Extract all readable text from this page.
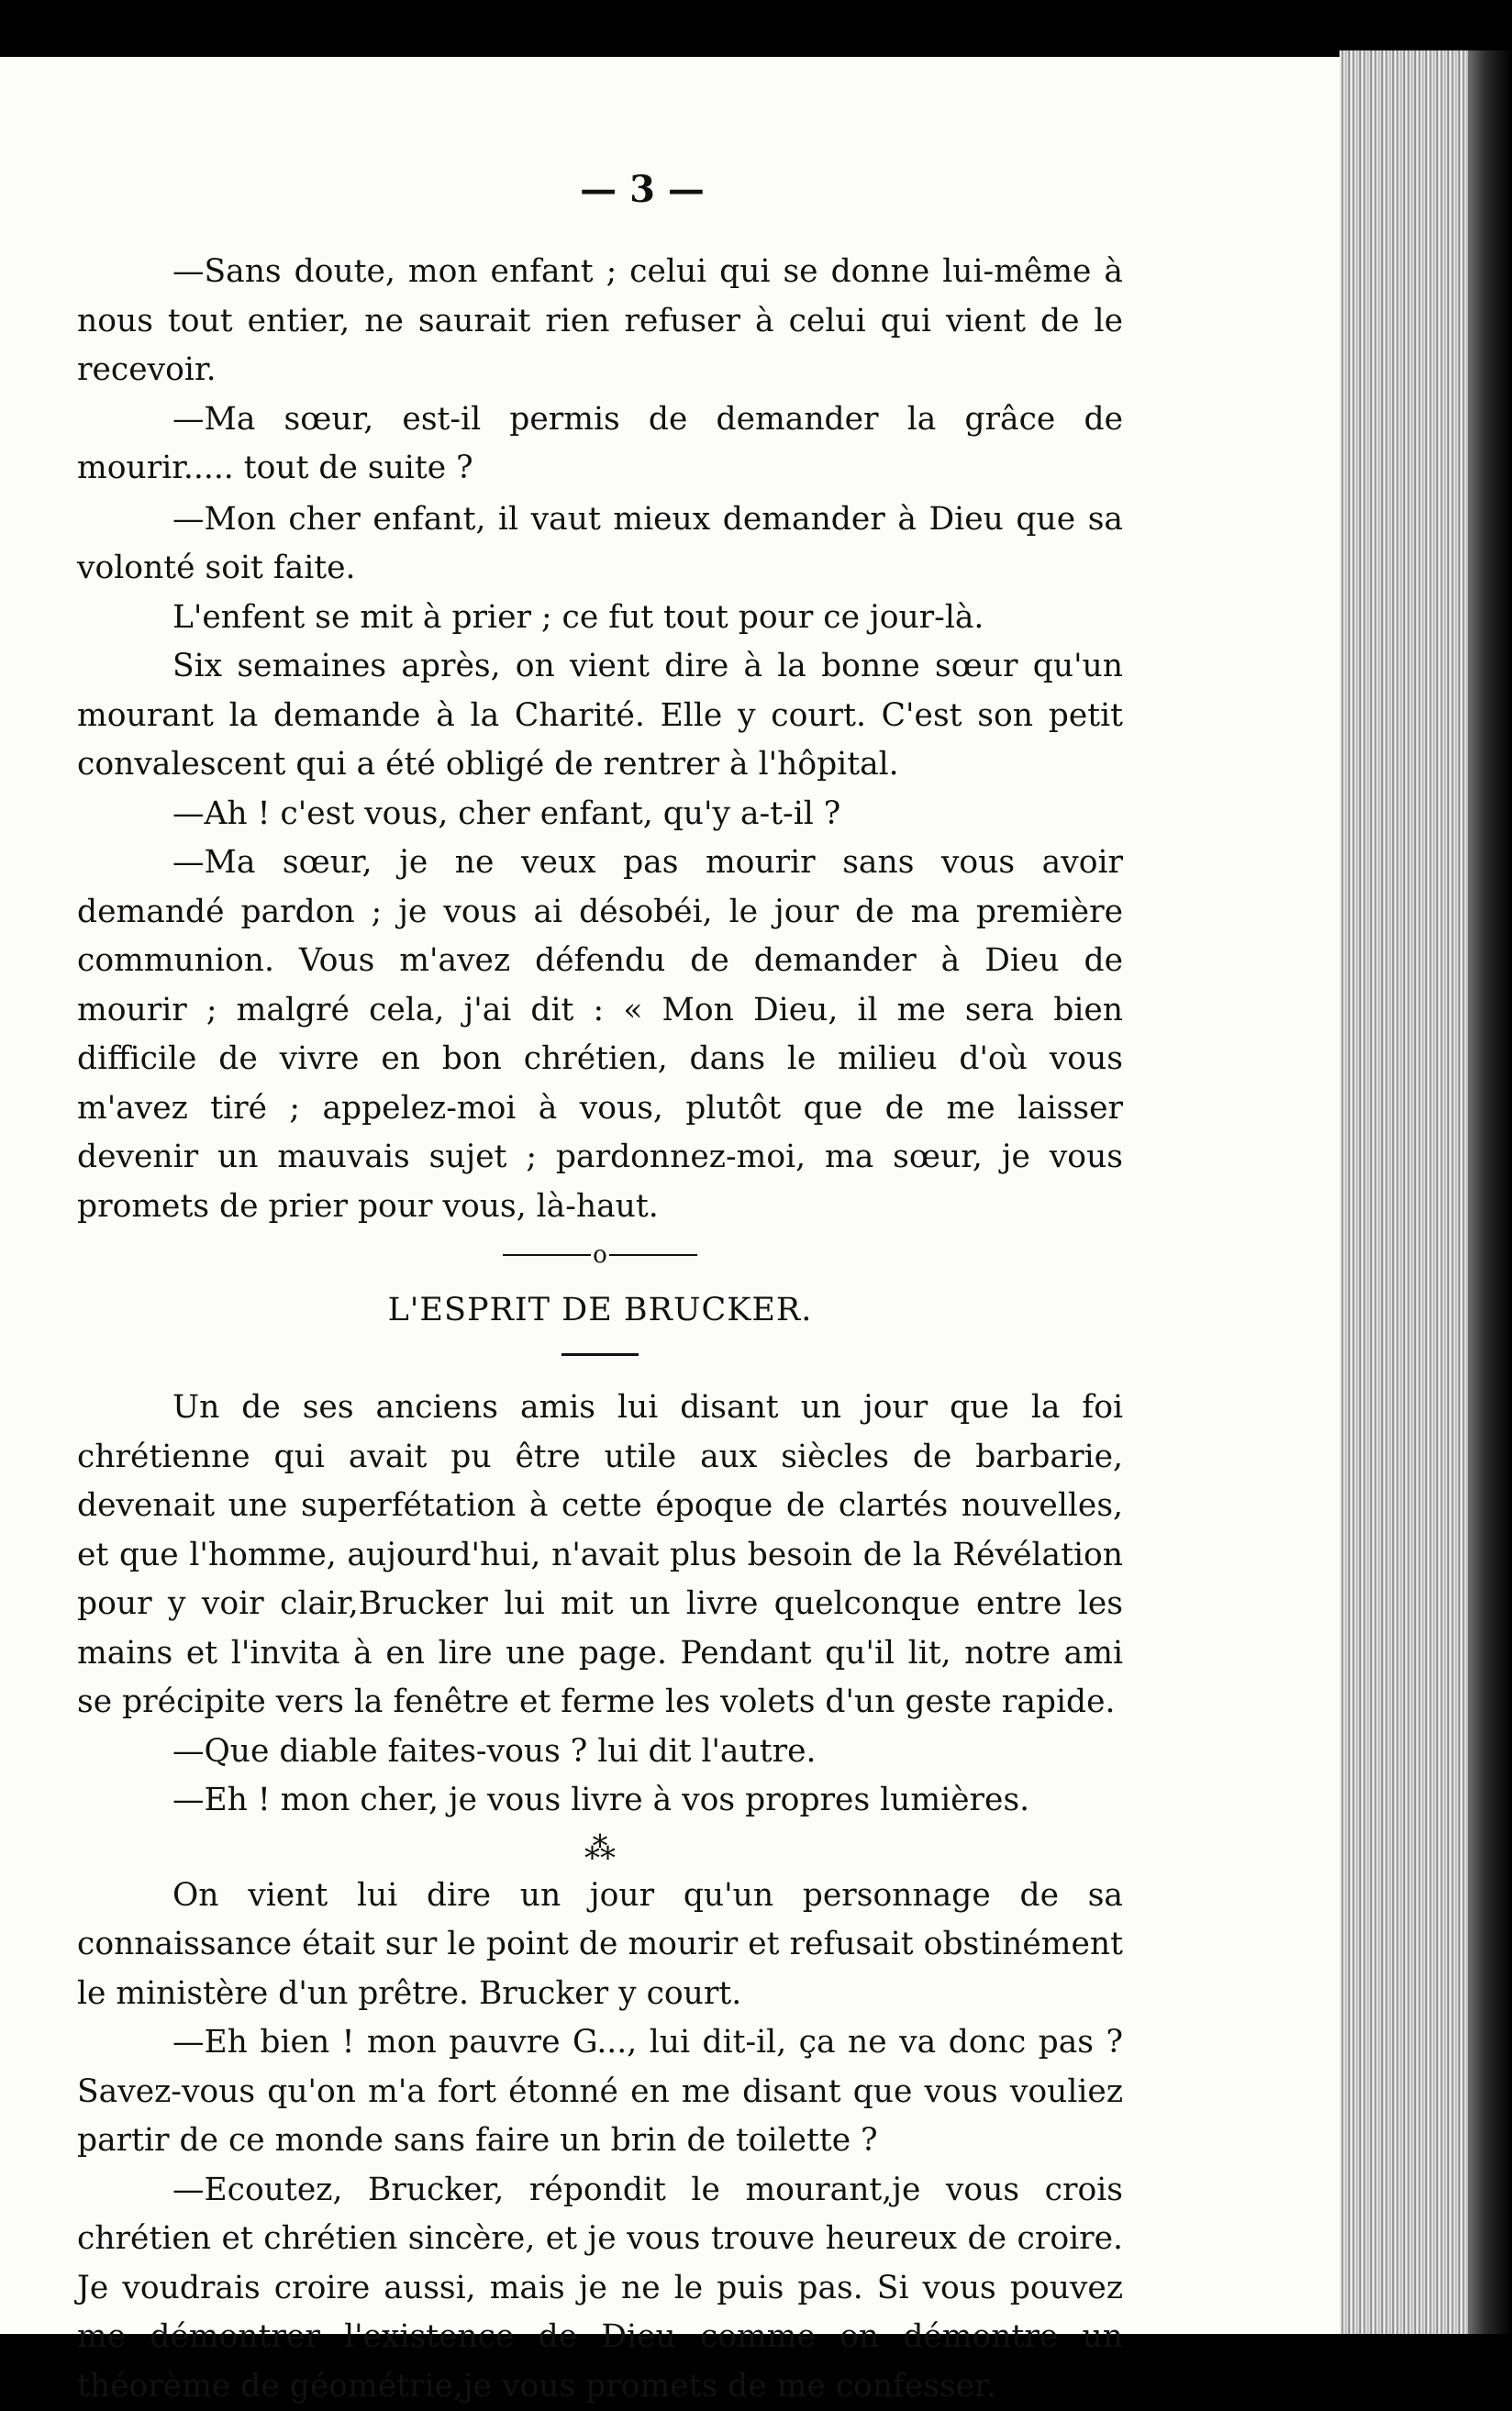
— 3 —

—Sans doute, mon enfant ; celui qui se donne lui-même à nous tout entier, ne saurait rien refuser à celui qui vient de le recevoir.

—Ma sœur, est-il permis de demander la grâce de mourir..... tout de suite ?

—Mon cher enfant, il vaut mieux demander à Dieu que sa volonté soit faite.

L'enfent se mit à prier ; ce fut tout pour ce jour-là.

Six semaines après, on vient dire à la bonne sœur qu'un mourant la demande à la Charité. Elle y court. C'est son petit convalescent qui a été obligé de rentrer à l'hôpital.

—Ah ! c'est vous, cher enfant, qu'y a-t-il ?

—Ma sœur, je ne veux pas mourir sans vous avoir demandé pardon ; je vous ai désobéi, le jour de ma première communion. Vous m'avez défendu de demander à Dieu de mourir ; malgré cela, j'ai dit : « Mon Dieu, il me sera bien difficile de vivre en bon chrétien, dans le milieu d'où vous m'avez tiré ; appelez-moi à vous, plutôt que de me laisser devenir un mauvais sujet ; pardonnez-moi, ma sœur, je vous promets de prier pour vous, là-haut.

o
L'ESPRIT DE BRUCKER.

Un de ses anciens amis lui disant un jour que la foi chrétienne qui avait pu être utile aux siècles de barbarie, devenait une superfétation à cette époque de clartés nouvelles, et que l'homme, aujourd'hui, n'avait plus besoin de la Révélation pour y voir clair,Brucker lui mit un livre quelconque entre les mains et l'invita à en lire une page. Pendant qu'il lit, notre ami se précipite vers la fenêtre et ferme les volets d'un geste rapide.

—Que diable faites-vous ? lui dit l'autre.

—Eh ! mon cher, je vous livre à vos propres lumières.

⁂

On vient lui dire un jour qu'un personnage de sa connaissance était sur le point de mourir et refusait obstinément le ministère d'un prêtre. Brucker y court.

—Eh bien ! mon pauvre G..., lui dit-il, ça ne va donc pas ? Savez-vous qu'on m'a fort étonné en me disant que vous vouliez partir de ce monde sans faire un brin de toilette ?

—Ecoutez, Brucker, répondit le mourant,je vous crois chrétien et chrétien sincère, et je vous trouve heureux de croire. Je voudrais croire aussi, mais je ne le puis pas. Si vous pouvez me démontrer l'existence de Dieu comme on démontre un théorème de géométrie,je vous promets de me confesser.
